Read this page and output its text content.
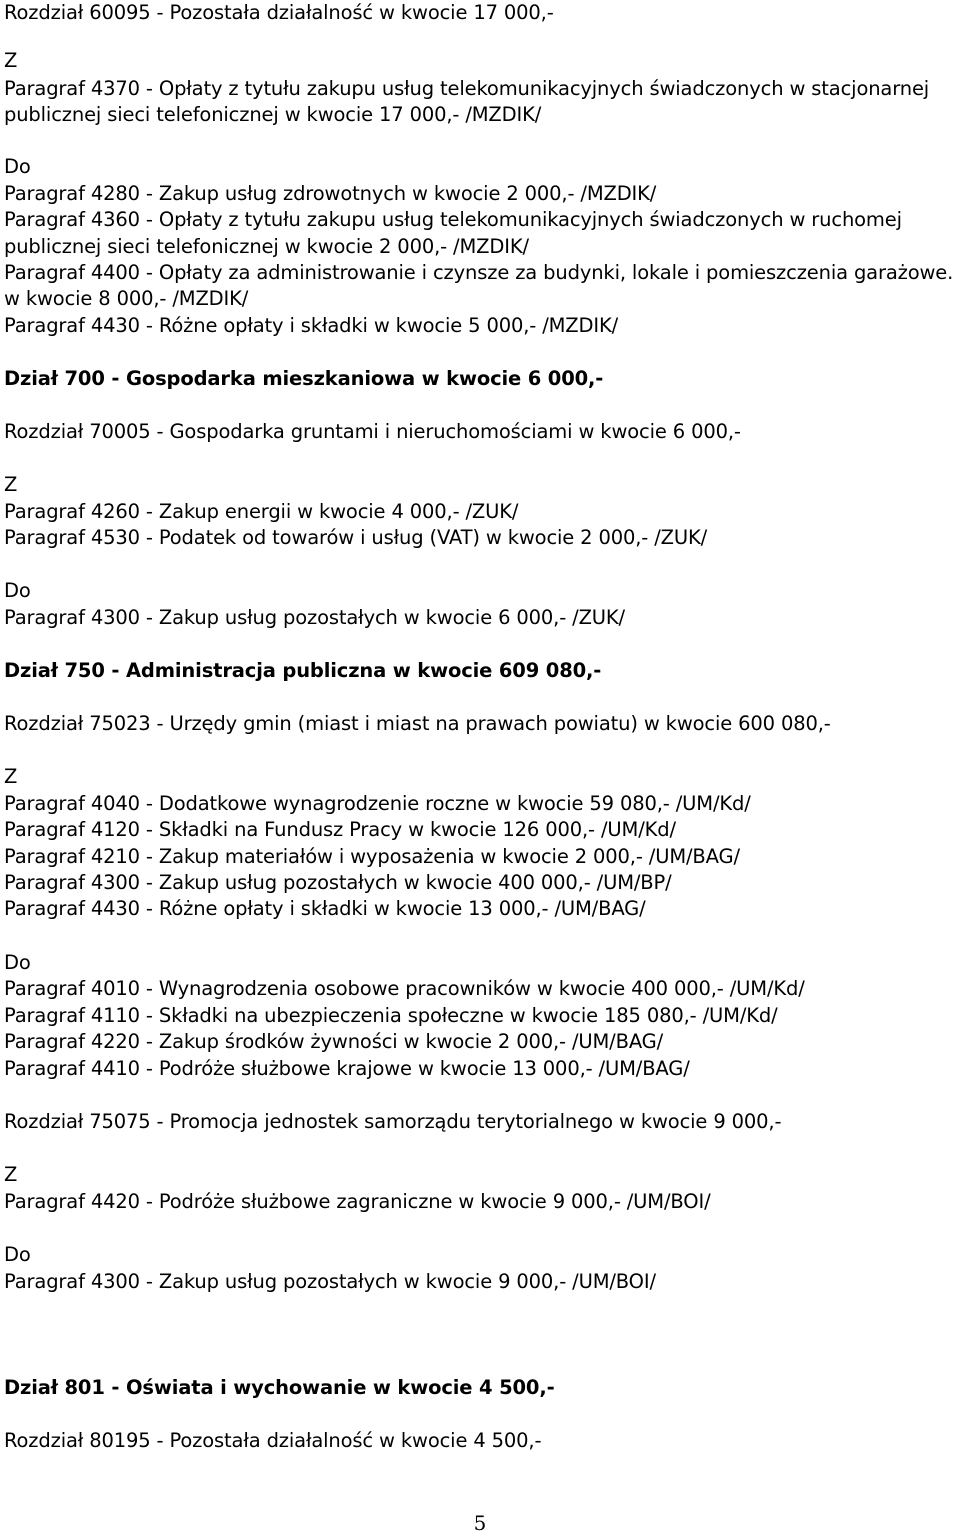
Rozdział 60095 - Pozostała działalność w kwocie 17 000,-
Z
Paragraf 4370 - Opłaty z tytułu zakupu usług telekomunikacyjnych świadczonych w stacjonarnej
publicznej sieci telefonicznej w kwocie 17 000,- /MZDIK/
Do
Paragraf 4280 - Zakup usług zdrowotnych w kwocie 2 000,- /MZDIK/
Paragraf 4360 - Opłaty z tytułu zakupu usług telekomunikacyjnych świadczonych w ruchomej
publicznej sieci telefonicznej w kwocie 2 000,- /MZDIK/
Paragraf 4400 - Opłaty za administrowanie i czynsze za budynki, lokale i pomieszczenia garażowe.
w kwocie 8 000,- /MZDIK/
Paragraf 4430 - Różne opłaty i składki w kwocie 5 000,- /MZDIK/
Dział 700 - Gospodarka mieszkaniowa w kwocie 6 000,-
Rozdział 70005 - Gospodarka gruntami i nieruchomościami w kwocie 6 000,-
Z
Paragraf 4260 - Zakup energii w kwocie 4 000,- /ZUK/
Paragraf 4530 - Podatek od towarów i usług (VAT) w kwocie 2 000,- /ZUK/
Do
Paragraf 4300 - Zakup usług pozostałych w kwocie 6 000,- /ZUK/
Dział 750 - Administracja publiczna w kwocie 609 080,-
Rozdział 75023 - Urzędy gmin (miast i miast na prawach powiatu) w kwocie 600 080,-
Z
Paragraf 4040 - Dodatkowe wynagrodzenie roczne w kwocie 59 080,- /UM/Kd/
Paragraf 4120 - Składki na Fundusz Pracy w kwocie 126 000,- /UM/Kd/
Paragraf 4210 - Zakup materiałów i wyposażenia w kwocie 2 000,- /UM/BAG/
Paragraf 4300 - Zakup usług pozostałych w kwocie 400 000,- /UM/BP/
Paragraf 4430 - Różne opłaty i składki w kwocie 13 000,- /UM/BAG/
Do
Paragraf 4010 - Wynagrodzenia osobowe pracowników w kwocie 400 000,- /UM/Kd/
Paragraf 4110 - Składki na ubezpieczenia społeczne w kwocie 185 080,- /UM/Kd/
Paragraf 4220 - Zakup środków żywności w kwocie 2 000,- /UM/BAG/
Paragraf 4410 - Podróże służbowe krajowe w kwocie 13 000,- /UM/BAG/
Rozdział 75075 - Promocja jednostek samorządu terytorialnego w kwocie 9 000,-
Z
Paragraf 4420 - Podróże służbowe zagraniczne w kwocie 9 000,- /UM/BOI/
Do
Paragraf 4300 - Zakup usług pozostałych w kwocie 9 000,- /UM/BOI/
Dział 801 - Oświata i wychowanie w kwocie 4 500,-
Rozdział 80195 - Pozostała działalność w kwocie 4 500,-
5
